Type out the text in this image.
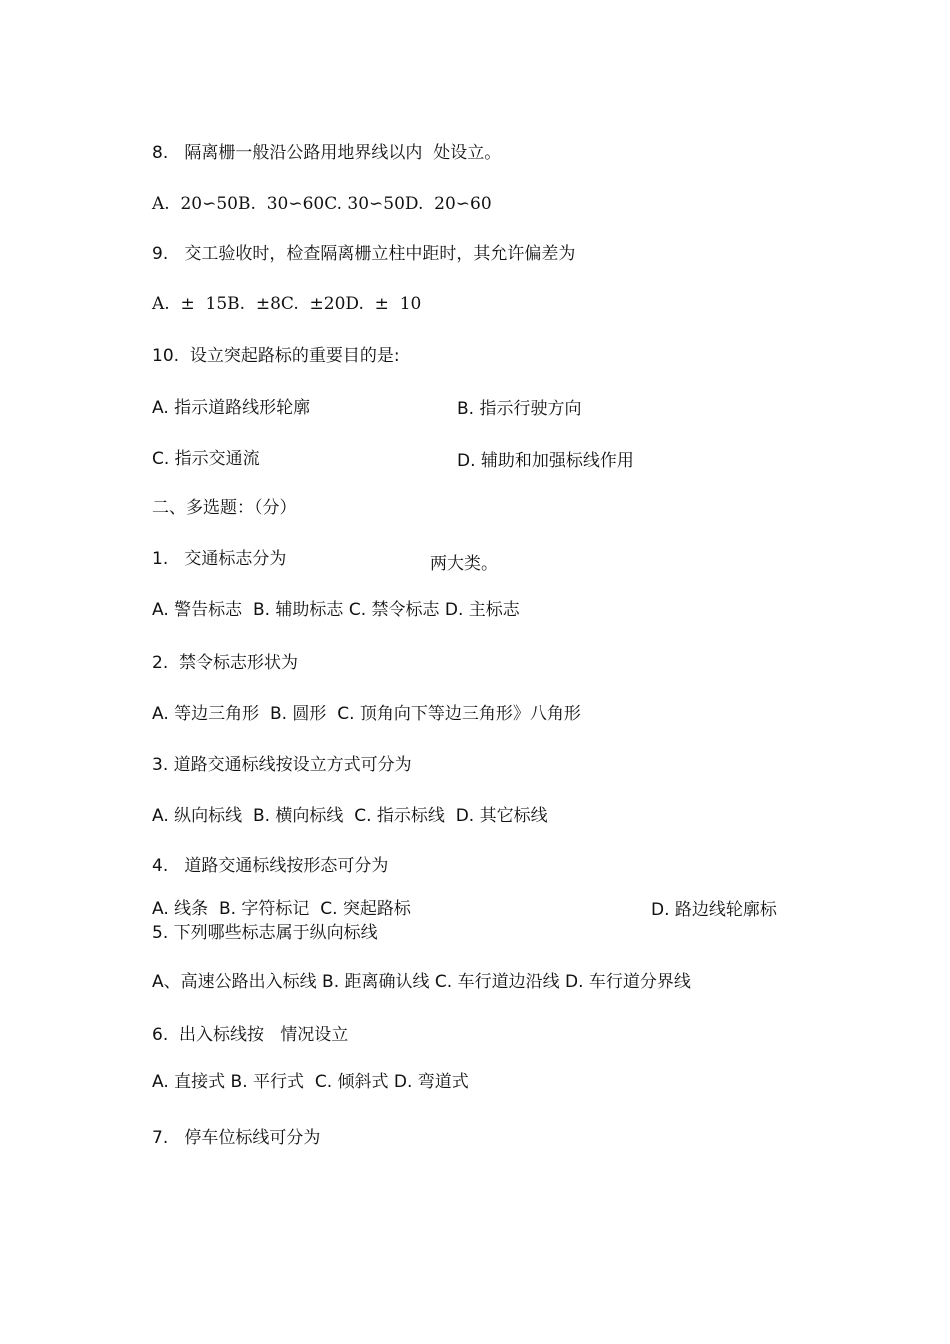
8.   隔离栅一般沿公路用地界线以内  处设立。
A.  20∽50B.  30∽60C. 30∽50D.  20∽60
9.   交工验收时，检查隔离栅立柱中距时，其允许偏差为
A.  ±  15B.  ±8C.  ±20D.  ±  10
10.  设立突起路标的重要目的是:
A. 指示道路线形轮廓	B. 指示行驶方向
C. 指示交通流	D. 辅助和加强标线作用
二、多选题：（分）
1.   交通标志分为	两大类。
A. 警告标志  B. 辅助标志 C. 禁令标志 D. 主标志
2.  禁令标志形状为
A. 等边三角形  B. 圆形  C. 顶角向下等边三角形》八角形
3. 道路交通标线按设立方式可分为
A. 纵向标线  B. 横向标线  C. 指示标线  D. 其它标线
4.   道路交通标线按形态可分为
A. 线条  B. 字符标记  C. 突起路标	D. 路边线轮廓标
5. 下列哪些标志属于纵向标线
A、高速公路出入标线 B. 距离确认线 C. 车行道边沿线 D. 车行道分界线
6.  出入标线按   情况设立
A. 直接式 B. 平行式  C. 倾斜式 D. 弯道式
7.   停车位标线可分为
